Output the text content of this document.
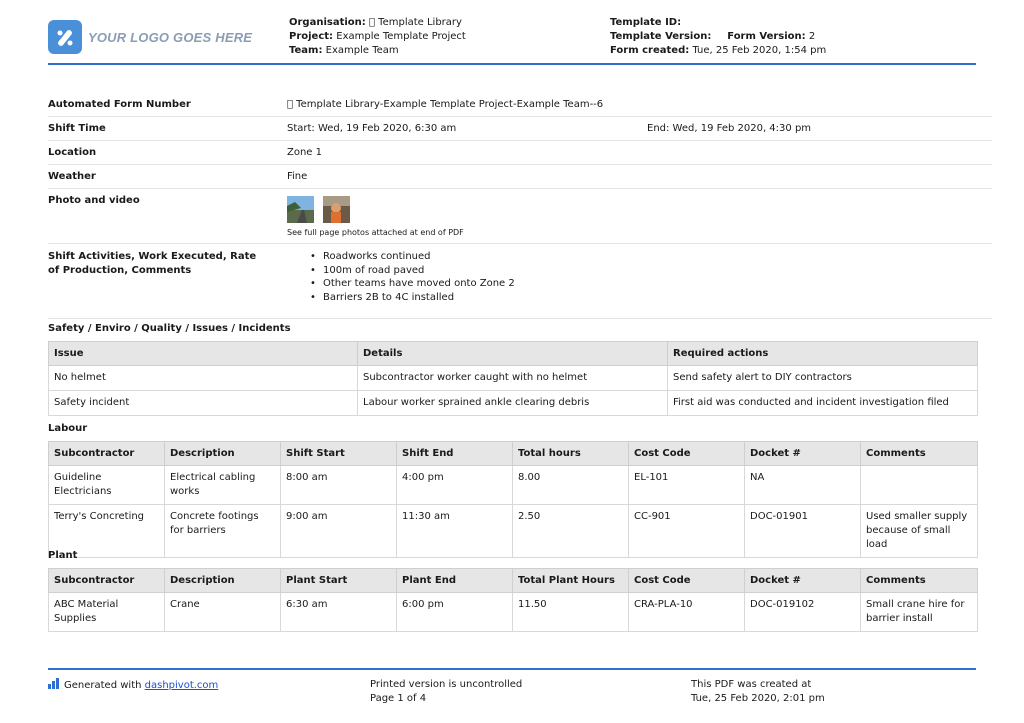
YOUR LOGO GOES HERE
Organisation:   Template Library
Project: Example Template Project
Team: Example Team
Template ID:
Template Version: Form Version: 2
Form created: Tue, 25 Feb 2020, 1:54 pm
Automated Form Number	  Template Library-Example Template Project-Example Team--6
Shift Time	Start: Wed, 19 Feb 2020, 6:30 am	End: Wed, 19 Feb 2020, 4:30 pm
Location	Zone 1
Weather	Fine
Photo and video
See full page photos attached at end of PDF
Shift Activities, Work Executed, Rate
of Production, Comments
• Roadworks continued
• 100m of road paved
• Other teams have moved onto Zone 2
• Barriers 2B to 4C installed
Safety / Enviro / Quality / Issues / Incidents
Issue	Details	Required actions
No helmet	Subcontractor worker caught with no helmet	Send safety alert to DIY contractors
Safety incident	Labour worker sprained ankle clearing debris	First aid was conducted and incident investigation filed
Labour
Subcontractor	Description	Shift Start	Shift End	Total hours	Cost Code	Docket #	Comments
Guideline Electricians	Electrical cabling works	8:00 am	4:00 pm	8.00	EL-101	NA	
Terry's Concreting	Concrete footings for barriers	9:00 am	11:30 am	2.50	CC-901	DOC-01901	Used smaller supply because of small load
Plant
Subcontractor	Description	Plant Start	Plant End	Total Plant Hours	Cost Code	Docket #	Comments
ABC Material Supplies	Crane	6:30 am	6:00 pm	11.50	CRA-PLA-10	DOC-019102	Small crane hire for barrier install
Generated with dashpivot.com	Printed version is uncontrolled
Page 1 of 4
This PDF was created at
Tue, 25 Feb 2020, 2:01 pm
